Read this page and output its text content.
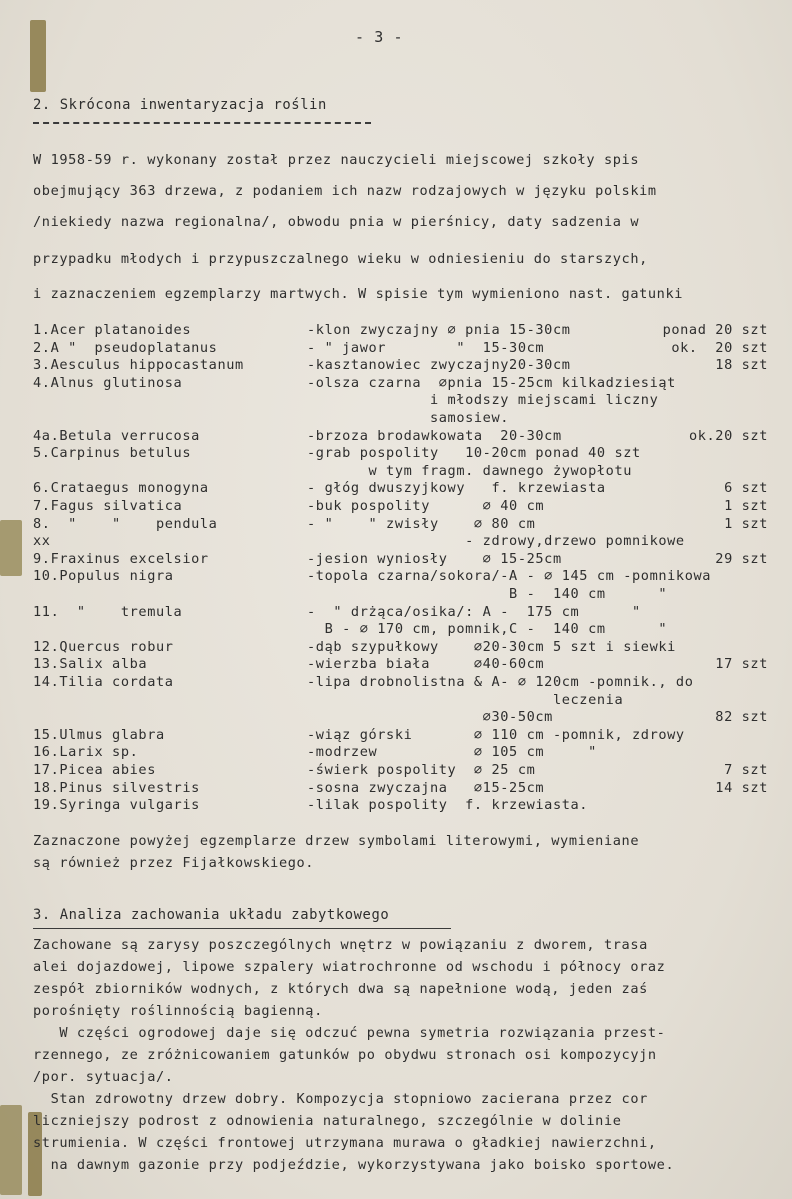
- 3 -
2. Skrócona inwentaryzacja roślin
W 1958-59 r. wykonany został przez nauczycieli miejscowej szkoły spis
obejmujący 363 drzewa, z podaniem ich nazw rodzajowych w języku polskim
/niekiedy nazwa regionalna/, obwodu pnia w pierśnicy, daty sadzenia w
przypadku młodych i przypuszczalnego wieku w odniesieniu do starszych,
i zaznaczeniem egzemplarzy martwych. W spisie tym wymieniono nast. gatunki
1.Acer platanoides	-klon zwyczajny ∅ pnia 15-30cm	ponad 20 szt
2.A "  pseudoplatanus	- " jawor        "  15-30cm	ok.  20 szt
3.Aesculus hippocastanum	-kasztanowiec zwyczajny20-30cm	18 szt
4.Alnus glutinosa	-olsza czarna  ∅pnia 15-25cm kilkadziesiąt
i młodszy miejscami liczny
samosiew.
4a.Betula verrucosa	-brzoza brodawkowata  20-30cm	ok.20 szt
5.Carpinus betulus	-grab pospolity   10-20cm ponad 40 szt
w tym fragm. dawnego żywopłotu
6.Crataegus monogyna	- głóg dwuszyjkowy   f. krzewiasta	6 szt
7.Fagus silvatica	-buk pospolity      ∅ 40 cm	1 szt
8.  "    "    pendula	- "    " zwisły    ∅ 80 cm	1 szt
xx	- zdrowy,drzewo pomnikowe
9.Fraxinus excelsior	-jesion wyniosły    ∅ 15-25cm	29 szt
10.Populus nigra	-topola czarna/sokora/-A - ∅ 145 cm -pomnikowa
B -  140 cm      "
11.  "    tremula	-  " drżąca/osika/: A -  175 cm      "
B - ∅ 170 cm, pomnik,C -  140 cm      "
12.Quercus robur	-dąb szypułkowy    ∅20-30cm 5 szt i siewki
13.Salix alba	-wierzba biała     ∅40-60cm	17 szt
14.Tilia cordata	-lipa drobnolistna & A- ∅ 120cm -pomnik., do
leczenia
∅30-50cm	82 szt
15.Ulmus glabra	-wiąz górski       ∅ 110 cm -pomnik, zdrowy
16.Larix sp.	-modrzew           ∅ 105 cm     "
17.Picea abies	-świerk pospolity  ∅ 25 cm	7 szt
18.Pinus silvestris	-sosna zwyczajna   ∅15-25cm	14 szt
19.Syringa vulgaris	-lilak pospolity  f. krzewiasta.
Zaznaczone powyżej egzemplarze drzew symbolami literowymi, wymieniane
są również przez Fijałkowskiego.
3. Analiza zachowania układu zabytkowego
Zachowane są zarysy poszczególnych wnętrz w powiązaniu z dworem, trasa
alei dojazdowej, lipowe szpalery wiatrochronne od wschodu i północy oraz
zespół zbiorników wodnych, z których dwa są napełnione wodą, jeden zaś
porośnięty roślinnością bagienną.
W części ogrodowej daje się odczuć pewna symetria rozwiązania przest-
rzennego, ze zróżnicowaniem gatunków po obydwu stronach osi kompozycyjn
/por. sytuacja/.
Stan zdrowotny drzew dobry. Kompozycja stopniowo zacierana przez cor
liczniejszy podrost z odnowienia naturalnego, szczególnie w dolinie
strumienia. W części frontowej utrzymana murawa o gładkiej nawierzchni,
na dawnym gazonie przy podjeździe, wykorzystywana jako boisko sportowe.
